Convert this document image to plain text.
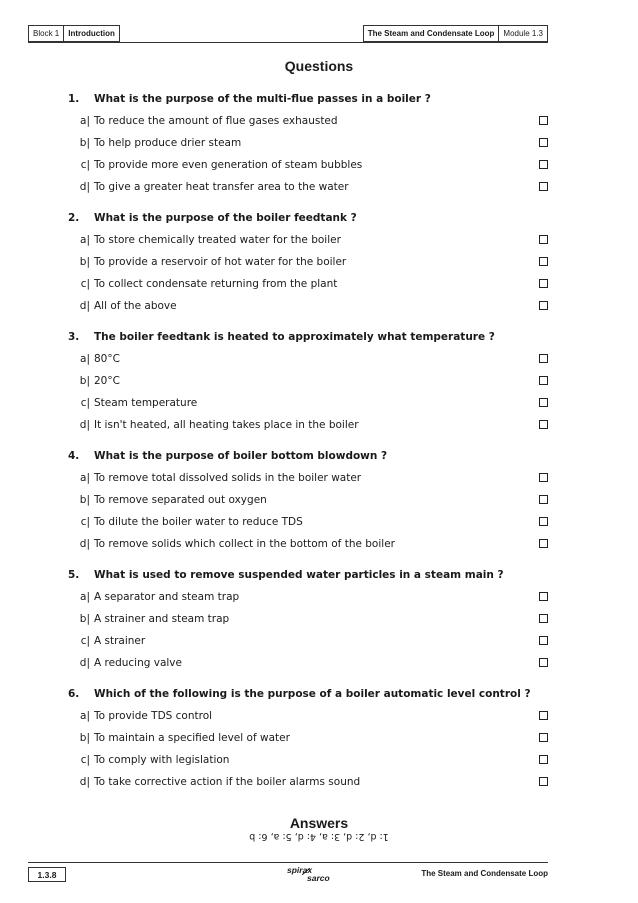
Block 1	Introduction	The Steam and Condensate Loop	Module 1.3
Questions
1.	What is the purpose of the multi-flue passes in a boiler ?
a| To reduce the amount of flue gases exhausted
b| To help produce drier steam
c| To provide more even generation of steam bubbles
d| To give a greater heat transfer area to the water
2.	What is the purpose of the boiler feedtank ?
a| To store chemically treated water for the boiler
b| To provide a reservoir of hot water for the boiler
c| To collect condensate returning from the plant
d| All of the above
3.	The boiler feedtank is heated to approximately what temperature ?
a| 80°C
b| 20°C
c| Steam temperature
d| It isn't heated, all heating takes place in the boiler
4.	What is the purpose of boiler bottom blowdown ?
a| To remove total dissolved solids in the boiler water
b| To remove separated out oxygen
c| To dilute the boiler water to reduce TDS
d| To remove solids which collect in the bottom of the boiler
5.	What is used to remove suspended water particles in a steam main ?
a| A separator and steam trap
b| A strainer and steam trap
c| A strainer
d| A reducing valve
6.	Which of the following is the purpose of a boiler automatic level control ?
a| To provide TDS control
b| To maintain a specified level of water
c| To comply with legislation
d| To take corrective action if the boiler alarms sound
Answers
1: d, 2: d, 3: a, 4: d, 5: a, 6: b
1.3.8	spirax
sarco	The Steam and Condensate Loop
